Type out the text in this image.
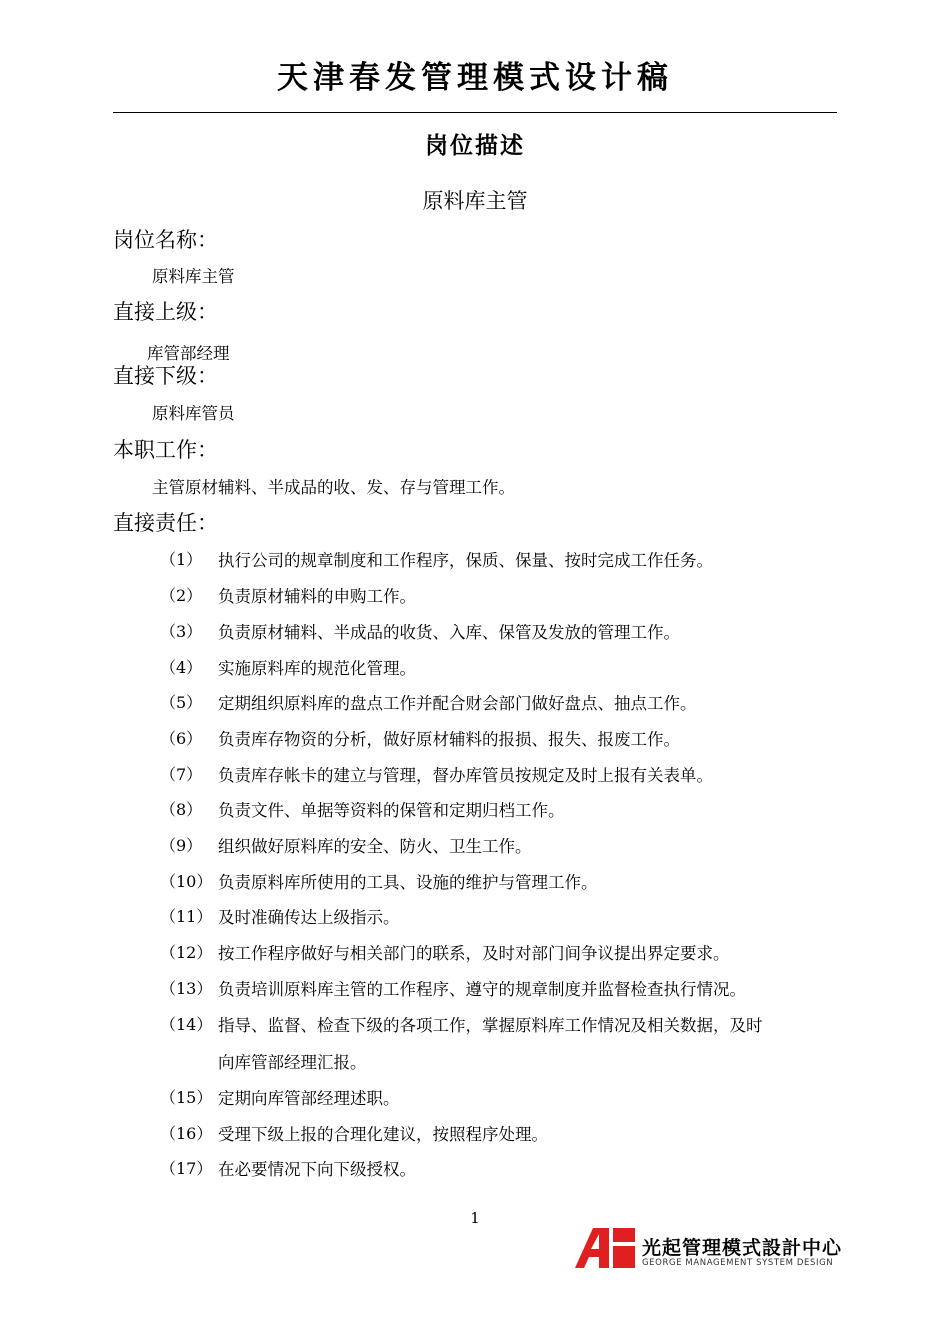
天津春发管理模式设计稿
岗位描述
原料库主管
岗位名称：
原料库主管
直接上级：
库管部经理
直接下级：
原料库管员
本职工作：
主管原材辅料、半成品的收、发、存与管理工作。
直接责任：
（1） 执行公司的规章制度和工作程序，保质、保量、按时完成工作任务。
（2） 负责原材辅料的申购工作。
（3） 负责原材辅料、半成品的收货、入库、保管及发放的管理工作。
（4） 实施原料库的规范化管理。
（5） 定期组织原料库的盘点工作并配合财会部门做好盘点、抽点工作。
（6） 负责库存物资的分析，做好原材辅料的报损、报失、报废工作。
（7） 负责库存帐卡的建立与管理，督办库管员按规定及时上报有关表单。
（8） 负责文件、单据等资料的保管和定期归档工作。
（9） 组织做好原料库的安全、防火、卫生工作。
（10） 负责原料库所使用的工具、设施的维护与管理工作。
（11） 及时准确传达上级指示。
（12） 按工作程序做好与相关部门的联系，及时对部门间争议提出界定要求。
（13） 负责培训原料库主管的工作程序、遵守的规章制度并监督检查执行情况。
（14） 指导、监督、检查下级的各项工作，掌握原料库工作情况及相关数据，及时
向库管部经理汇报。
（15） 定期向库管部经理述职。
（16） 受理下级上报的合理化建议，按照程序处理。
（17） 在必要情况下向下级授权。
1
光起管理模式設計中心
GEORGE MANAGEMENT SYSTEM DESIGN
